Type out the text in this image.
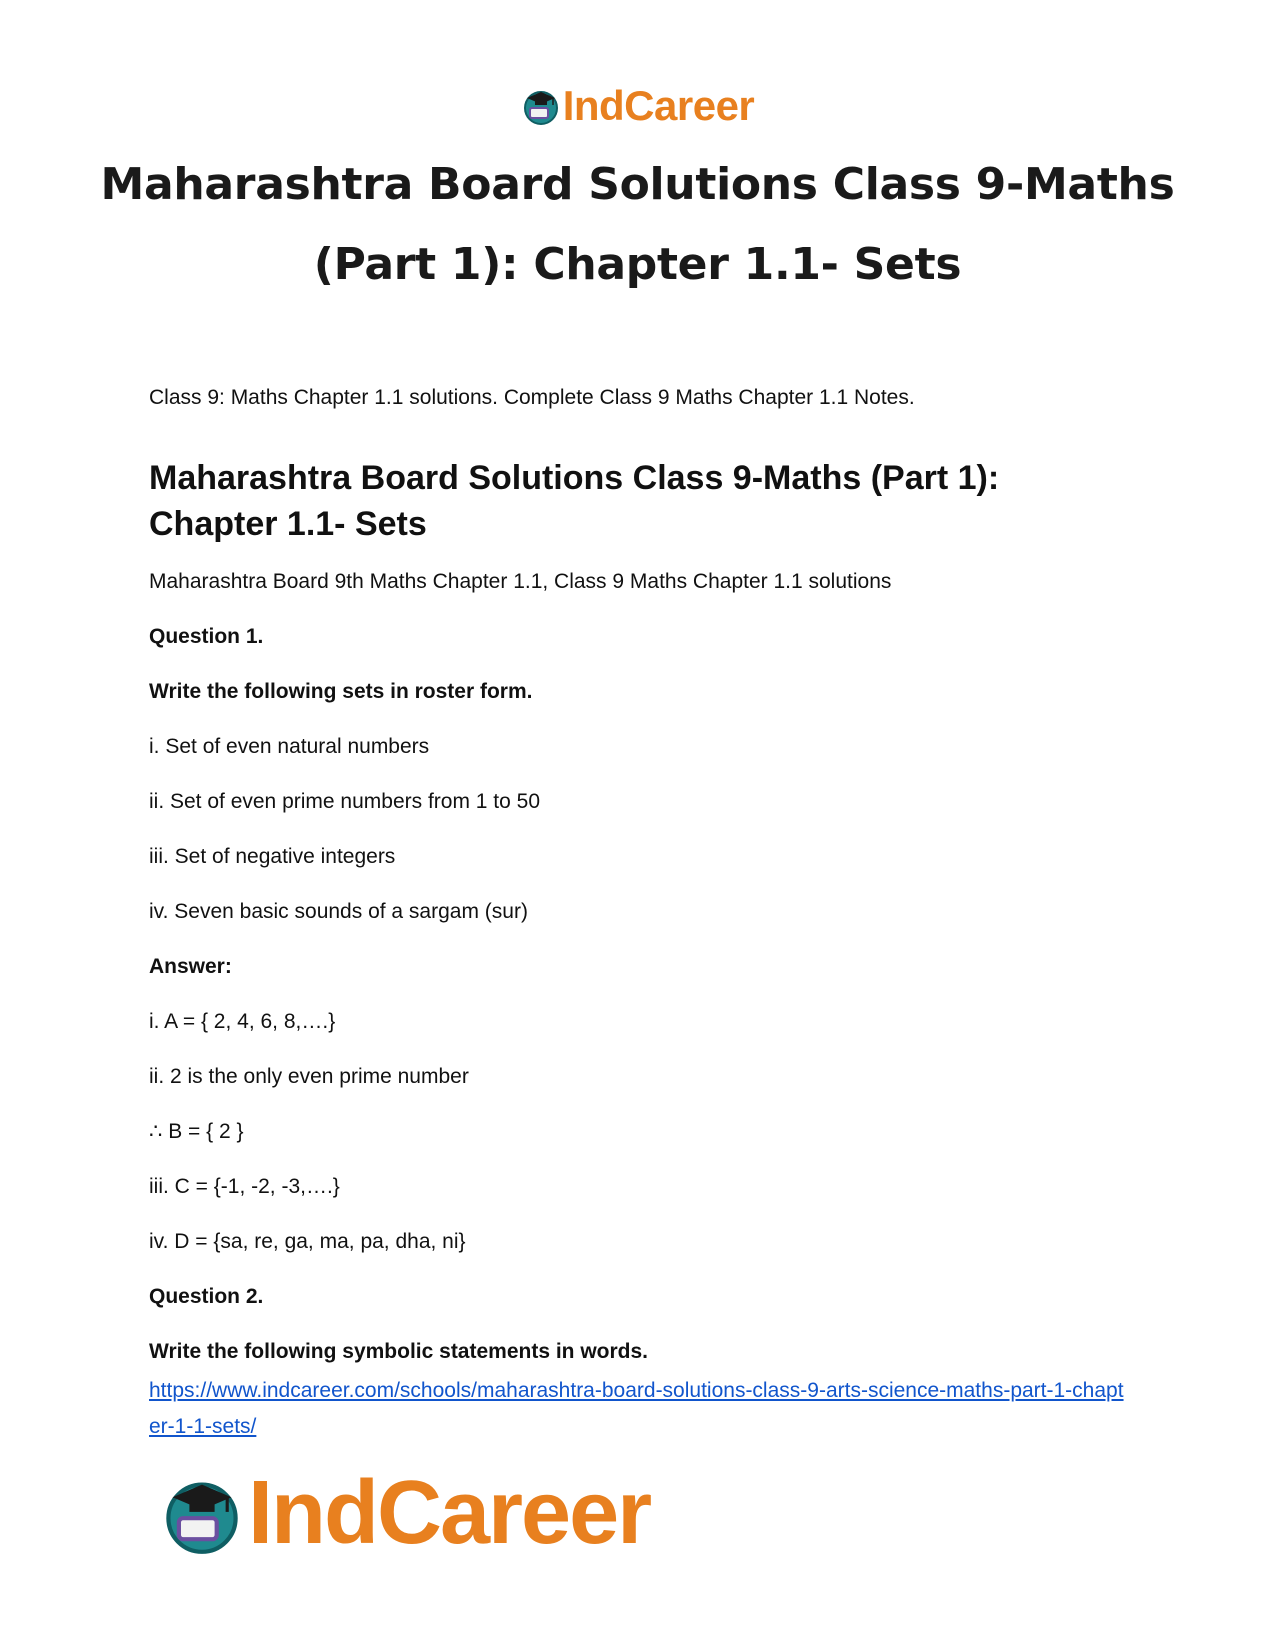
IndCareer
Maharashtra Board Solutions Class 9-Maths (Part 1): Chapter 1.1- Sets

Class 9: Maths Chapter 1.1 solutions. Complete Class 9 Maths Chapter 1.1 Notes.

Maharashtra Board Solutions Class 9-Maths (Part 1): Chapter 1.1- Sets

Maharashtra Board 9th Maths Chapter 1.1, Class 9 Maths Chapter 1.1 solutions

Question 1.

Write the following sets in roster form.

i. Set of even natural numbers

ii. Set of even prime numbers from 1 to 50

iii. Set of negative integers

iv. Seven basic sounds of a sargam (sur)

Answer:

i. A = { 2, 4, 6, 8,….}

ii. 2 is the only even prime number

∴ B = { 2 }

iii. C = {-1, -2, -3,….}

iv. D = {sa, re, ga, ma, pa, dha, ni}

Question 2.

Write the following symbolic statements in words.

https://www.indcareer.com/schools/maharashtra-board-solutions-class-9-arts-science-maths-part-1-chapter-1-1-sets/
IndCareer
